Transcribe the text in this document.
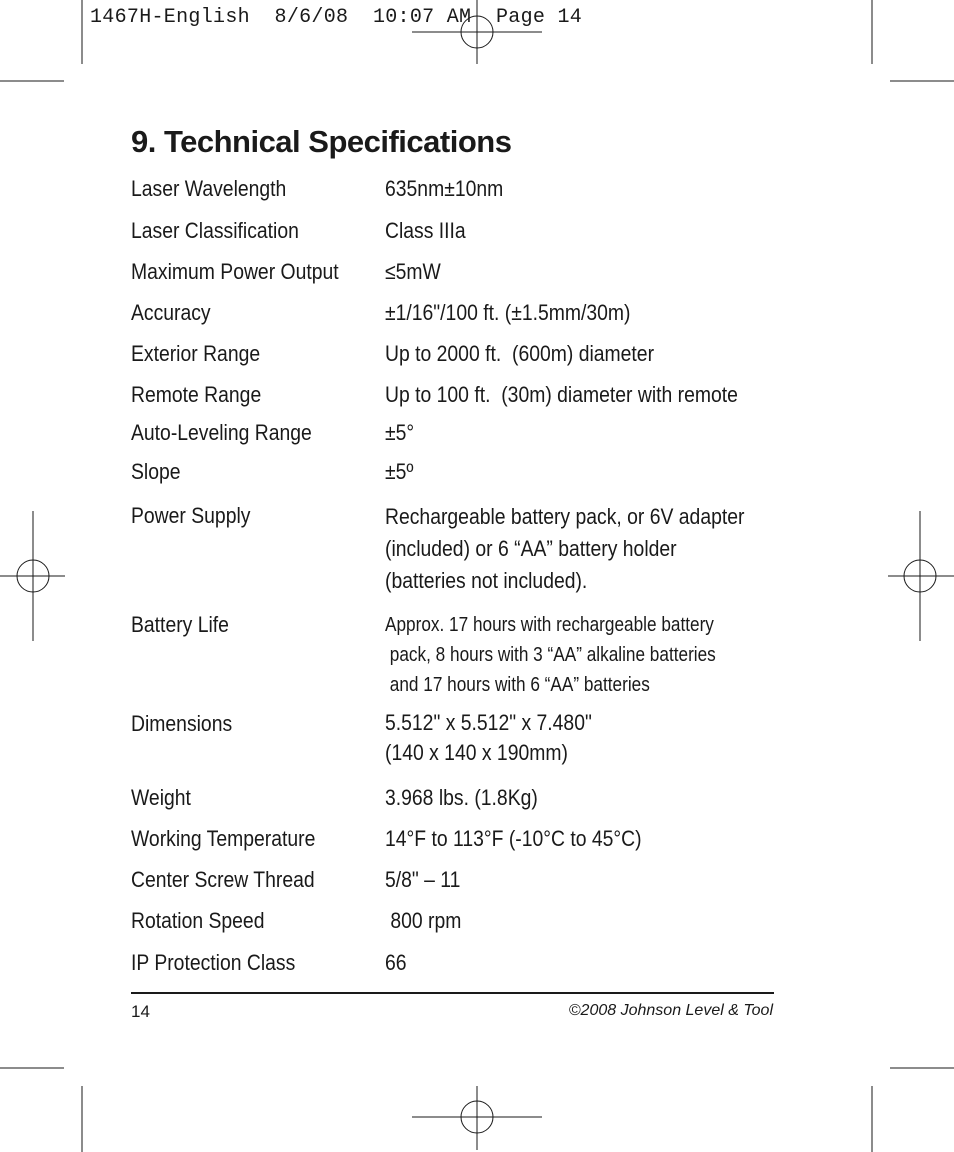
1467H-English  8/6/08  10:07 AM  Page 14
9. Technical Specifications
Laser Wavelength	635nm±10nm
Laser Classification	Class IIIa
Maximum Power Output ≤5mW
Accuracy	±1/16"/100 ft. (±1.5mm/30m)
Exterior Range	Up to 2000 ft.  (600m) diameter
Remote Range	Up to 100 ft.  (30m) diameter with remote
Auto-Leveling Range	±5°
Slope	±5º
Power Supply	Rechargeable battery pack, or 6V adapter
(included) or 6 “AA” battery holder
(batteries not included).
Battery Life	Approx. 17 hours with rechargeable battery
pack, 8 hours with 3 “AA” alkaline batteries
and 17 hours with 6 “AA” batteries
Dimensions	5.512" x 5.512" x 7.480"
(140 x 140 x 190mm)
Weight	3.968 lbs. (1.8Kg)
Working Temperature	14°F to 113°F (-10°C to 45°C)
Center Screw Thread	5/8" – 11
Rotation Speed	800 rpm
IP Protection Class	66
14	©2008 Johnson Level & Tool
